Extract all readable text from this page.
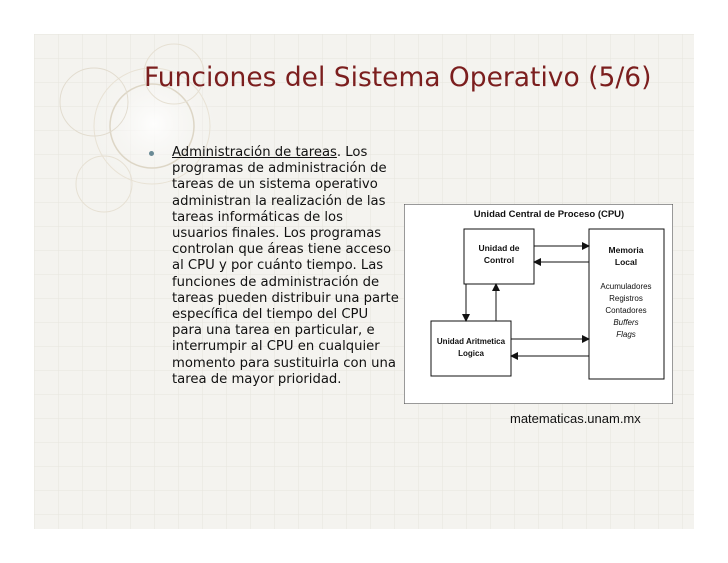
Funciones del Sistema Operativo (5/6)
Administración de tareas. Los programas de administración de tareas de un sistema operativo administran la realización de las tareas informáticas de los usuarios finales. Los programas controlan que áreas tiene acceso al CPU y por cuánto tiempo. Las funciones de administración de tareas pueden distribuir una parte específica del tiempo del CPU para una tarea en particular, e interrumpir al CPU en cualquier momento para sustituirla con una tarea de mayor prioridad.
Unidad Central de Proceso (CPU)
Unidad de
Control
Memoria
Local
Acumuladores
Registros
Contadores
Buffers
Flags
Unidad Aritmetica
Logica
matematicas.unam.mx
